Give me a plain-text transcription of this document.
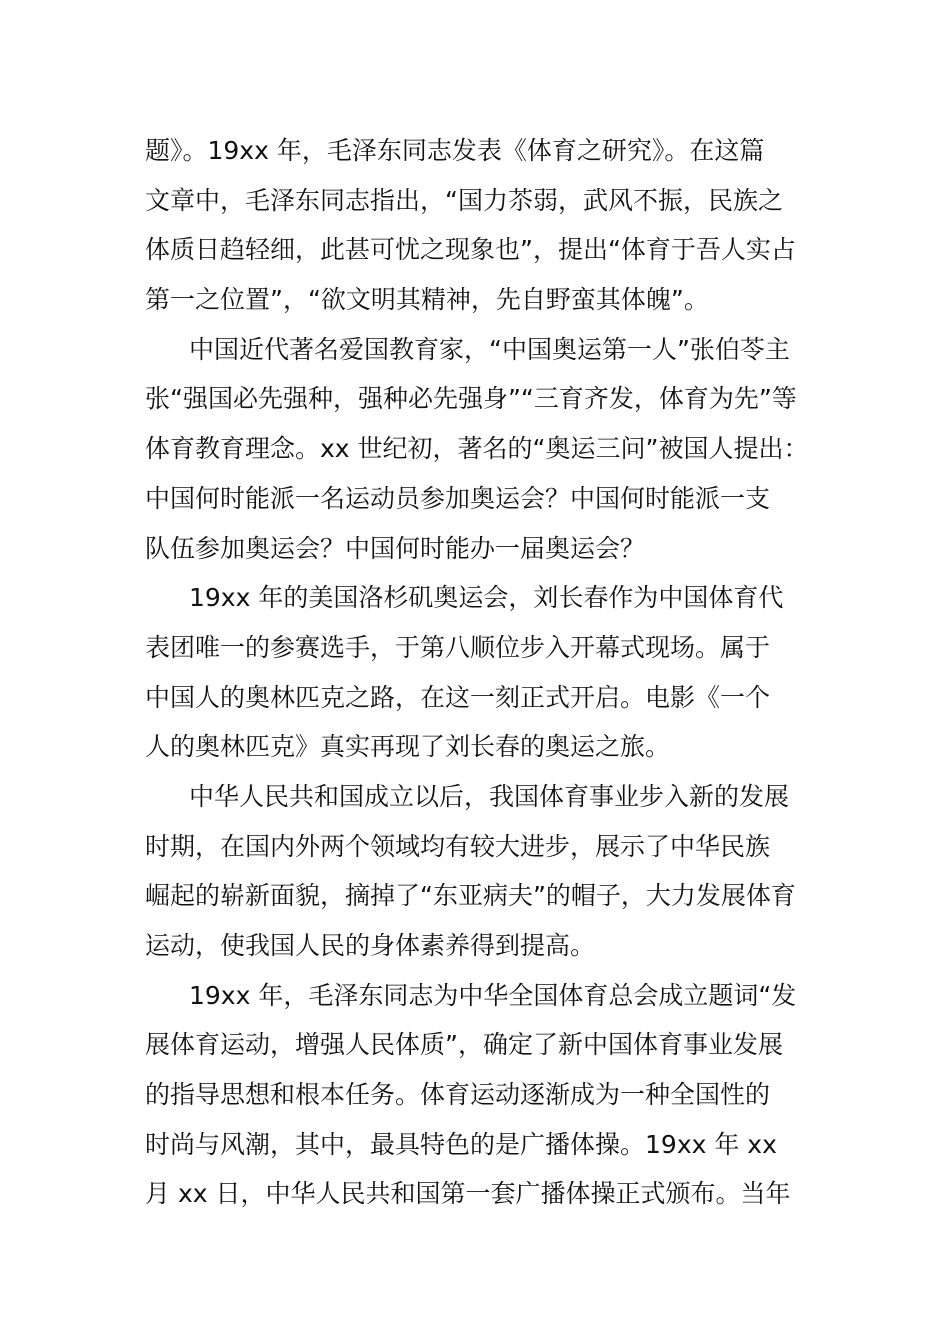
题》。19xx 年，毛泽东同志发表《体育之研究》。在这篇
文章中，毛泽东同志指出，“国力苶弱，武风不振，民族之
体质日趋轻细，此甚可忧之现象也”，提出“体育于吾人实占
第一之位置”，“欲文明其精神，先自野蛮其体魄”。

中国近代著名爱国教育家，“中国奥运第一人”张伯苓主
张“强国必先强种，强种必先强身”“三育齐发，体育为先”等
体育教育理念。xx 世纪初，著名的“奥运三问”被国人提出：
中国何时能派一名运动员参加奥运会？中国何时能派一支
队伍参加奥运会？中国何时能办一届奥运会？

19xx 年的美国洛杉矶奥运会，刘长春作为中国体育代
表团唯一的参赛选手，于第八顺位步入开幕式现场。属于
中国人的奥林匹克之路，在这一刻正式开启。电影《一个
人的奥林匹克》真实再现了刘长春的奥运之旅。

中华人民共和国成立以后，我国体育事业步入新的发展
时期，在国内外两个领域均有较大进步，展示了中华民族
崛起的崭新面貌，摘掉了“东亚病夫”的帽子，大力发展体育
运动，使我国人民的身体素养得到提高。

19xx 年，毛泽东同志为中华全国体育总会成立题词“发
展体育运动，增强人民体质”，确定了新中国体育事业发展
的指导思想和根本任务。体育运动逐渐成为一种全国性的
时尚与风潮，其中，最具特色的是广播体操。19xx 年 xx
月 xx 日，中华人民共和国第一套广播体操正式颁布。当年
